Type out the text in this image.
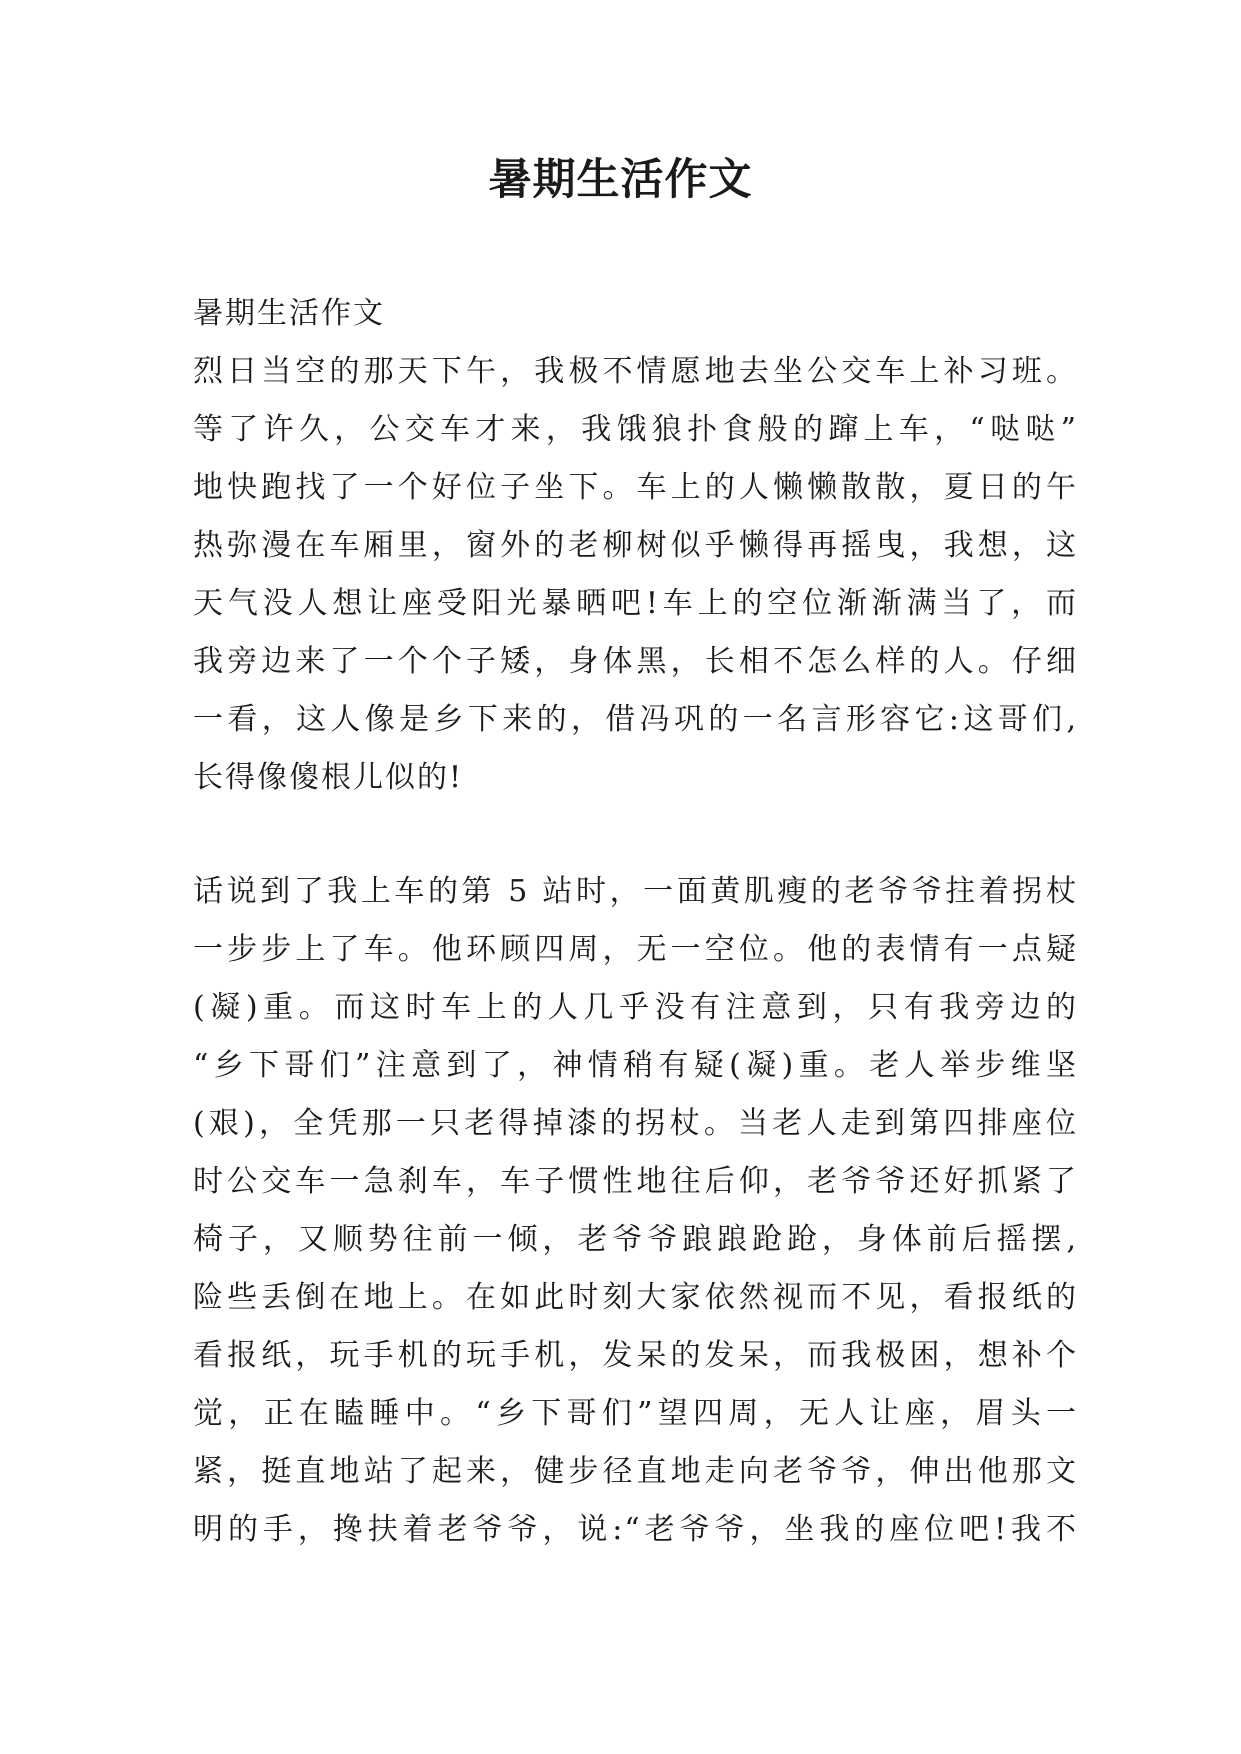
暑期生活作文
暑期生活作文
烈日当空的那天下午，我极不情愿地去坐公交车上补习班。
等了许久，公交车才来，我饿狼扑食般的蹿上车，“哒哒”
地快跑找了一个好位子坐下。车上的人懒懒散散，夏日的午
热弥漫在车厢里，窗外的老柳树似乎懒得再摇曳，我想，这
天气没人想让座受阳光暴晒吧!车上的空位渐渐满当了，而
我旁边来了一个个子矮，身体黑，长相不怎么样的人。仔细
一看，这人像是乡下来的，借冯巩的一名言形容它:这哥们,
长得像傻根儿似的!
话说到了我上车的第 5 站时，一面黄肌瘦的老爷爷拄着拐杖
一步步上了车。他环顾四周，无一空位。他的表情有一点疑
(凝)重。而这时车上的人几乎没有注意到，只有我旁边的
“乡下哥们”注意到了，神情稍有疑(凝)重。老人举步维坚
(艰)，全凭那一只老得掉漆的拐杖。当老人走到第四排座位
时公交车一急刹车，车子惯性地往后仰，老爷爷还好抓紧了
椅子，又顺势往前一倾，老爷爷踉踉跄跄，身体前后摇摆,
险些丢倒在地上。在如此时刻大家依然视而不见，看报纸的
看报纸，玩手机的玩手机，发呆的发呆，而我极困，想补个
觉，正在瞌睡中。“乡下哥们”望四周，无人让座，眉头一
紧，挺直地站了起来，健步径直地走向老爷爷，伸出他那文
明的手，搀扶着老爷爷，说:“老爷爷，坐我的座位吧!我不
